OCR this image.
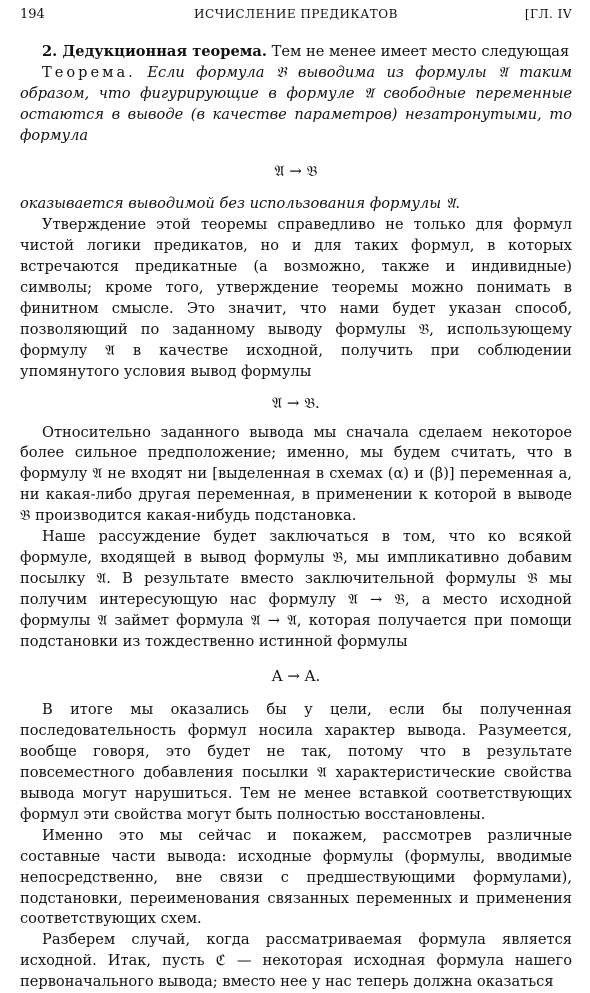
194	ИСЧИСЛЕНИЕ ПРЕДИКАТОВ	[ГЛ. IV

2. Дедукционная теорема. Тем не менее имеет место следующая

Теорема. Если формула 𝔅 выводима из формулы 𝔄 таким образом, что фигурирующие в формуле 𝔄 свободные переменные остаются в выводе (в качестве параметров) незатронутыми, то формула

𝔄 → 𝔅

оказывается выводимой без использования формулы 𝔄.

Утверждение этой теоремы справедливо не только для формул чистой логики предикатов, но и для таких формул, в которых встречаются предикатные (а возможно, также и индивидные) символы; кроме того, утверждение теоремы можно понимать в финитном смысле. Это значит, что нами будет указан способ, позволяющий по заданному выводу формулы 𝔅, использующему формулу 𝔄 в качестве исходной, получить при соблюдении упомянутого условия вывод формулы

𝔄 → 𝔅.

Относительно заданного вывода мы сначала сделаем некоторое более сильное предположение; именно, мы будем считать, что в формулу 𝔄 не входят ни [выделенная в схемах (α) и (β)] переменная a, ни какая-либо другая переменная, в применении к которой в выводе 𝔅 производится какая-нибудь подстановка.

Наше рассуждение будет заключаться в том, что ко всякой формуле, входящей в вывод формулы 𝔅, мы импликативно добавим посылку 𝔄. В результате вместо заключительной формулы 𝔅 мы получим интересующую нас формулу 𝔄 → 𝔅, а место исходной формулы 𝔄 займет формула 𝔄 → 𝔄, которая получается при помощи подстановки из тождественно истинной формулы

A → A.

В итоге мы оказались бы у цели, если бы полученная последовательность формул носила характер вывода. Разумеется, вообще говоря, это будет не так, потому что в результате повсеместного добавления посылки 𝔄 характеристические свойства вывода могут нарушиться. Тем не менее вставкой соответствующих формул эти свойства могут быть полностью восстановлены.

Именно это мы сейчас и покажем, рассмотрев различные составные части вывода: исходные формулы (формулы, вводимые непосредственно, вне связи с предшествующими формулами), подстановки, переименования связанных переменных и применения соответствующих схем.

Разберем случай, когда рассматриваемая формула является исходной. Итак, пусть ℭ — некоторая исходная формула нашего первоначального вывода; вместо нее у нас теперь должна оказаться
